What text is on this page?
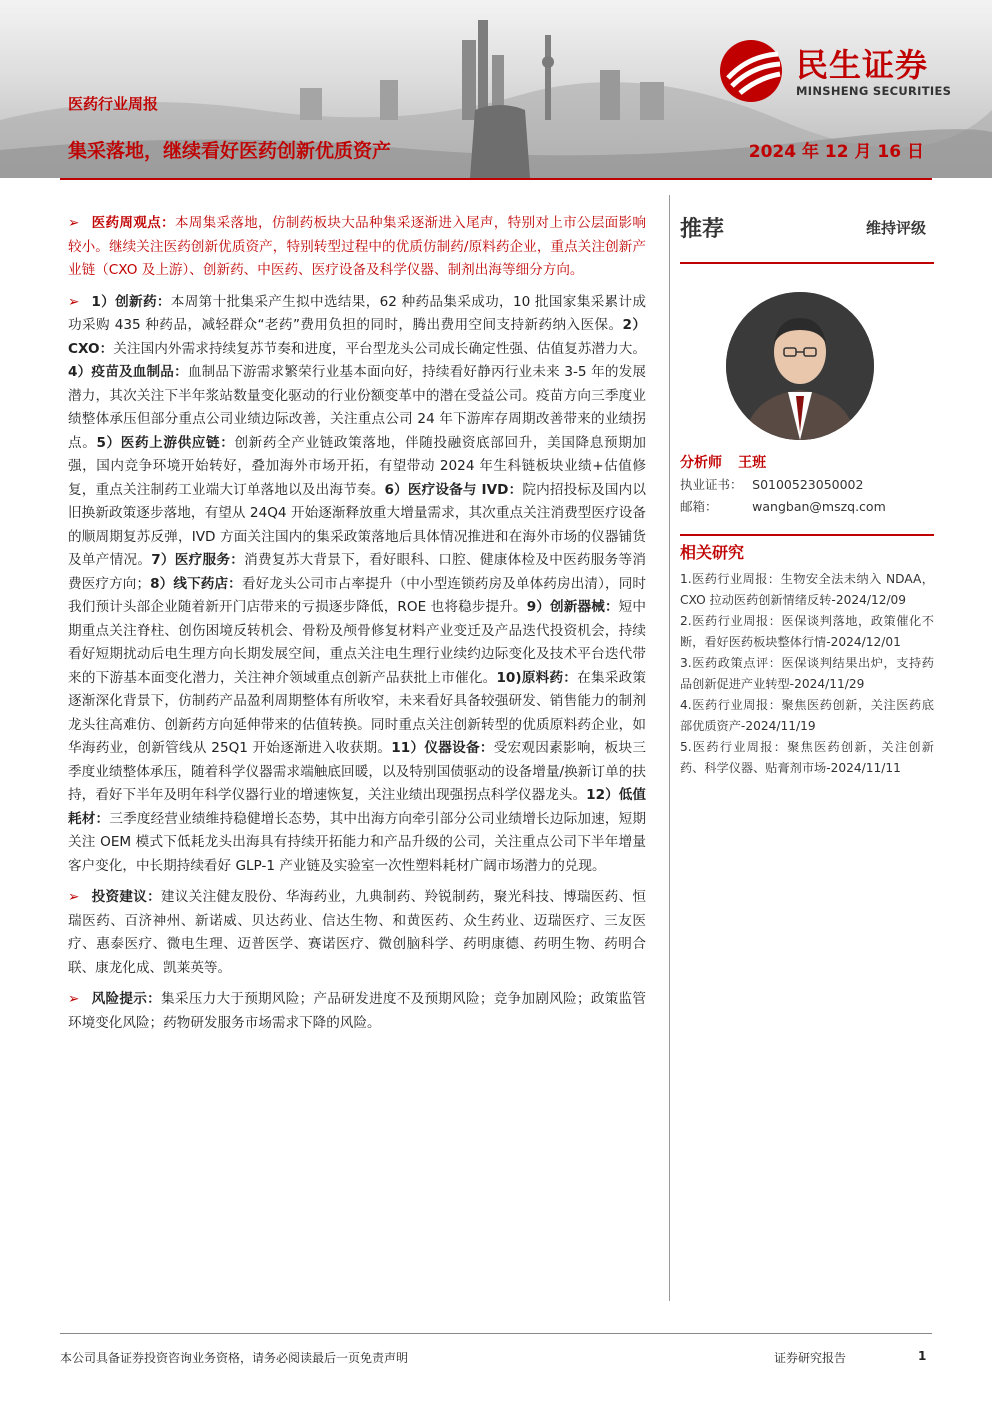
医药行业周报
集采落地，继续看好医药创新优质资产	2024 年 12 月 16 日
民生证券
MINSHENG SECURITIES

➢ 医药周观点：本周集采落地，仿制药板块大品种集采逐渐进入尾声，特别对上市公层面影响较小。继续关注医药创新优质资产，特别转型过程中的优质仿制药/原料药企业，重点关注创新产业链（CXO 及上游）、创新药、中医药、医疗设备及科学仪器、制剂出海等细分方向。

➢ 1）创新药：本周第十批集采产生拟中选结果，62 种药品集采成功，10 批国家集采累计成功采购 435 种药品，减轻群众“老药”费用负担的同时，腾出费用空间支持新药纳入医保。2）CXO：关注国内外需求持续复苏节奏和进度，平台型龙头公司成长确定性强、估值复苏潜力大。4）疫苗及血制品：血制品下游需求繁荣行业基本面向好，持续看好静丙行业未来 3-5 年的发展潜力，其次关注下半年浆站数量变化驱动的行业份额变革中的潜在受益公司。疫苗方向三季度业绩整体承压但部分重点公司业绩边际改善，关注重点公司 24 年下游库存周期改善带来的业绩拐点。5）医药上游供应链：创新药全产业链政策落地，伴随投融资底部回升，美国降息预期加强，国内竞争环境开始转好，叠加海外市场开拓，有望带动 2024 年生科链板块业绩+估值修复，重点关注制药工业端大订单落地以及出海节奏。6）医疗设备与 IVD：院内招投标及国内以旧换新政策逐步落地，有望从 24Q4 开始逐渐释放重大增量需求，其次重点关注消费型医疗设备的顺周期复苏反弹，IVD 方面关注国内的集采政策落地后具体情况推进和在海外市场的仪器铺货及单产情况。7）医疗服务：消费复苏大背景下，看好眼科、口腔、健康体检及中医药服务等消费医疗方向；8）线下药店：看好龙头公司市占率提升（中小型连锁药房及单体药房出清），同时我们预计头部企业随着新开门店带来的亏损逐步降低，ROE 也将稳步提升。9）创新器械：短中期重点关注脊柱、创伤困境反转机会、骨粉及颅骨修复材料产业变迁及产品迭代投资机会，持续看好短期扰动后电生理方向长期发展空间，重点关注电生理行业续约边际变化及技术平台迭代带来的下游基本面变化潜力，关注神介领域重点创新产品获批上市催化。10)原料药：在集采政策逐渐深化背景下，仿制药产品盈利周期整体有所收窄，未来看好具备较强研发、销售能力的制剂龙头往高难仿、创新药方向延伸带来的估值转换。同时重点关注创新转型的优质原料药企业，如华海药业，创新管线从 25Q1 开始逐渐进入收获期。11）仪器设备：受宏观因素影响，板块三季度业绩整体承压，随着科学仪器需求端触底回暖，以及特别国债驱动的设备增量/换新订单的扶持，看好下半年及明年科学仪器行业的增速恢复，关注业绩出现强拐点科学仪器龙头。12）低值耗材：三季度经营业绩维持稳健增长态势，其中出海方向牵引部分公司业绩增长边际加速，短期关注 OEM 模式下低耗龙头出海具有持续开拓能力和产品升级的公司，关注重点公司下半年增量客户变化，中长期持续看好 GLP-1 产业链及实验室一次性塑料耗材广阔市场潜力的兑现。

➢ 投资建议：建议关注健友股份、华海药业，九典制药、羚锐制药，聚光科技、博瑞医药、恒瑞医药、百济神州、新诺威、贝达药业、信达生物、和黄医药、众生药业、迈瑞医疗、三友医疗、惠泰医疗、微电生理、迈普医学、赛诺医疗、微创脑科学、药明康德、药明生物、药明合联、康龙化成、凯莱英等。

➢ 风险提示：集采压力大于预期风险；产品研发进度不及预期风险；竞争加剧风险；政策监管环境变化风险；药物研发服务市场需求下降的风险。

推荐	维持评级
分析师 王班
执业证书： S0100523050002
邮箱：	wangban@mszq.com
相关研究

1.医药行业周报：生物安全法未纳入 NDAA，CXO 拉动医药创新情绪反转-2024/12/09

2.医药行业周报：医保谈判落地，政策催化不断，看好医药板块整体行情-2024/12/01

3.医药政策点评：医保谈判结果出炉，支持药品创新促进产业转型-2024/11/29

4.医药行业周报：聚焦医药创新，关注医药底部优质资产-2024/11/19

5.医药行业周报：聚焦医药创新，关注创新药、科学仪器、贴膏剂市场-2024/11/11

本公司具备证券投资咨询业务资格，请务必阅读最后一页免责声明	证券研究报告	1
